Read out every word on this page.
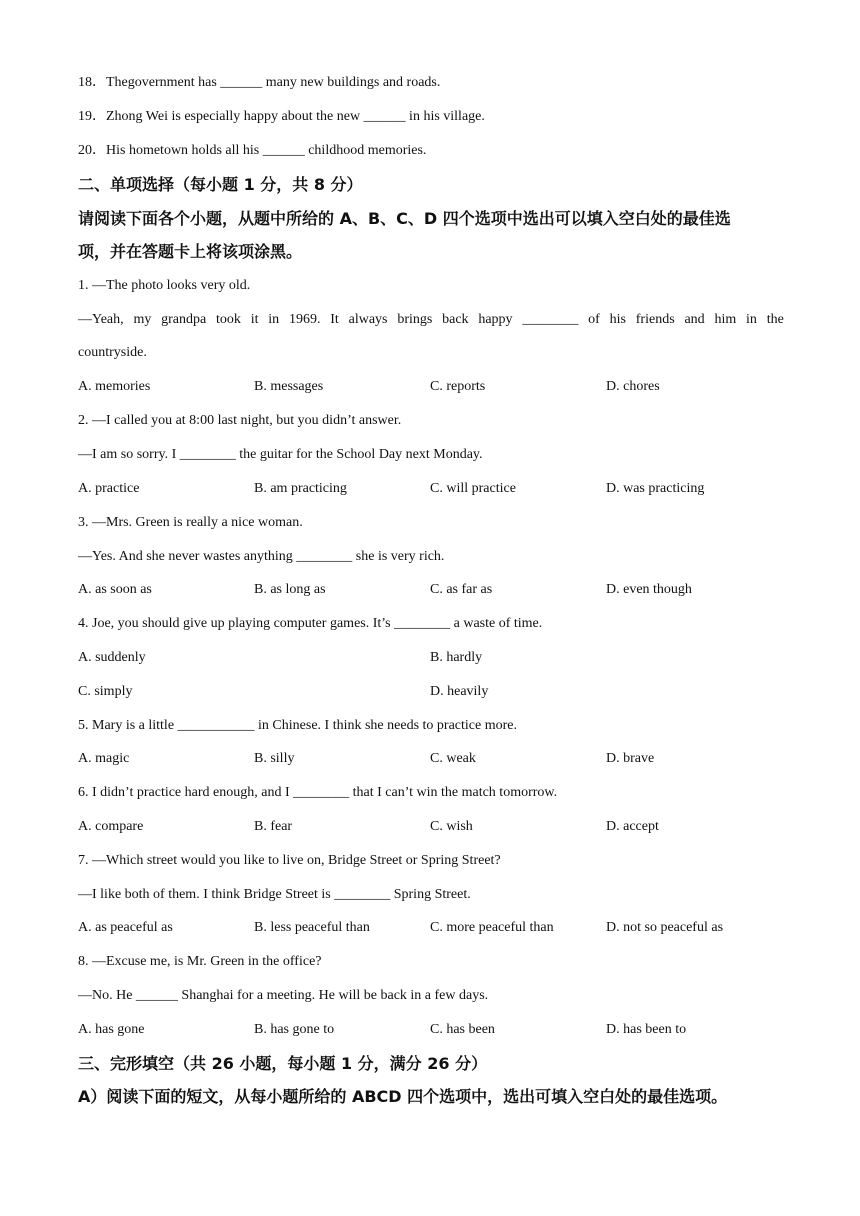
18．Thegovernment has ______ many new buildings and roads.
19．Zhong Wei is especially happy about the new ______ in his village.
20．His hometown holds all his ______ childhood memories.
二、单项选择（每小题 1 分，共 8 分）
请阅读下面各个小题，从题中所给的 A、B、C、D 四个选项中选出可以填入空白处的最佳选
项，并在答题卡上将该项涂黑。
1. —The photo looks very old.
—Yeah, my grandpa took it in 1969. It always brings back happy ________ of his friends and him in the
countryside.
A. memories	B. messages	C. reports	D. chores
2. —I called you at 8:00 last night, but you didn’t answer.
—I am so sorry. I ________ the guitar for the School Day next Monday.
A. practice	B. am practicing	C. will practice	D. was practicing
3. —Mrs. Green is really a nice woman.
—Yes. And she never wastes anything ________ she is very rich.
A. as soon as	B. as long as	C. as far as	D. even though
4. Joe, you should give up playing computer games. It’s ________ a waste of time.
A. suddenly	B. hardly
C. simply	D. heavily
5. Mary is a little ___________ in Chinese. I think she needs to practice more.
A. magic	B. silly	C. weak	D. brave
6. I didn’t practice hard enough, and I ________ that I can’t win the match tomorrow.
A. compare	B. fear	C. wish	D. accept
7. —Which street would you like to live on, Bridge Street or Spring Street?
—I like both of them. I think Bridge Street is ________ Spring Street.
A. as peaceful as	B. less peaceful than	C. more peaceful than	D. not so peaceful as
8. —Excuse me, is Mr. Green in the office?
—No. He ______ Shanghai for a meeting. He will be back in a few days.
A. has gone	B. has gone to	C. has been	D. has been to
三、完形填空（共 26 小题，每小题 1 分，满分 26 分）
A）阅读下面的短文，从每小题所给的 ABCD 四个选项中，选出可填入空白处的最佳选项。
